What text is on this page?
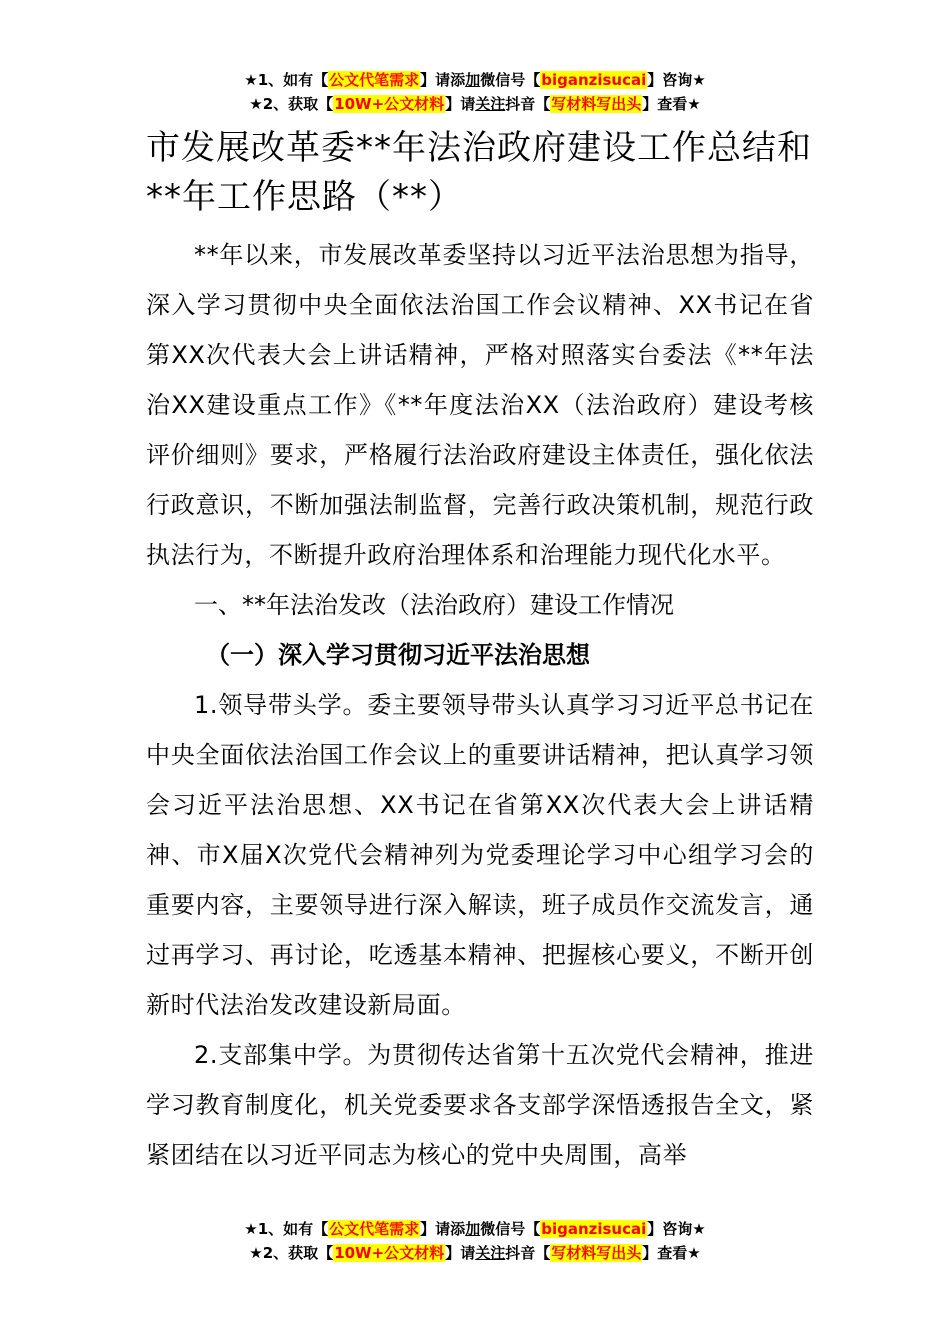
★1、如有【公文代笔需求】请添加微信号【biganzisucai】咨询★
★2、获取【10W+公文材料】请关注抖音【写材料写出头】查看★
市发展改革委**年法治政府建设工作总结和**年工作思路（**）

**年以来，市发展改革委坚持以习近平法治思想为指导，深入学习贯彻中央全面依法治国工作会议精神、XX书记在省第XX次代表大会上讲话精神，严格对照落实台委法《**年法治XX建设重点工作》《**年度法治XX（法治政府）建设考核评价细则》要求，严格履行法治政府建设主体责任，强化依法行政意识，不断加强法制监督，完善行政决策机制，规范行政执法行为，不断提升政府治理体系和治理能力现代化水平。

一、**年法治发改（法治政府）建设工作情况

（一）深入学习贯彻习近平法治思想

1.领导带头学。委主要领导带头认真学习习近平总书记在中央全面依法治国工作会议上的重要讲话精神，把认真学习领会习近平法治思想、XX书记在省第XX次代表大会上讲话精神、市X届X次党代会精神列为党委理论学习中心组学习会的重要内容，主要领导进行深入解读，班子成员作交流发言，通过再学习、再讨论，吃透基本精神、把握核心要义，不断开创新时代法治发改建设新局面。

2.支部集中学。为贯彻传达省第十五次党代会精神，推进学习教育制度化，机关党委要求各支部学深悟透报告全文，紧紧团结在以习近平同志为核心的党中央周围，高举

★1、如有【公文代笔需求】请添加微信号【biganzisucai】咨询★
★2、获取【10W+公文材料】请关注抖音【写材料写出头】查看★
